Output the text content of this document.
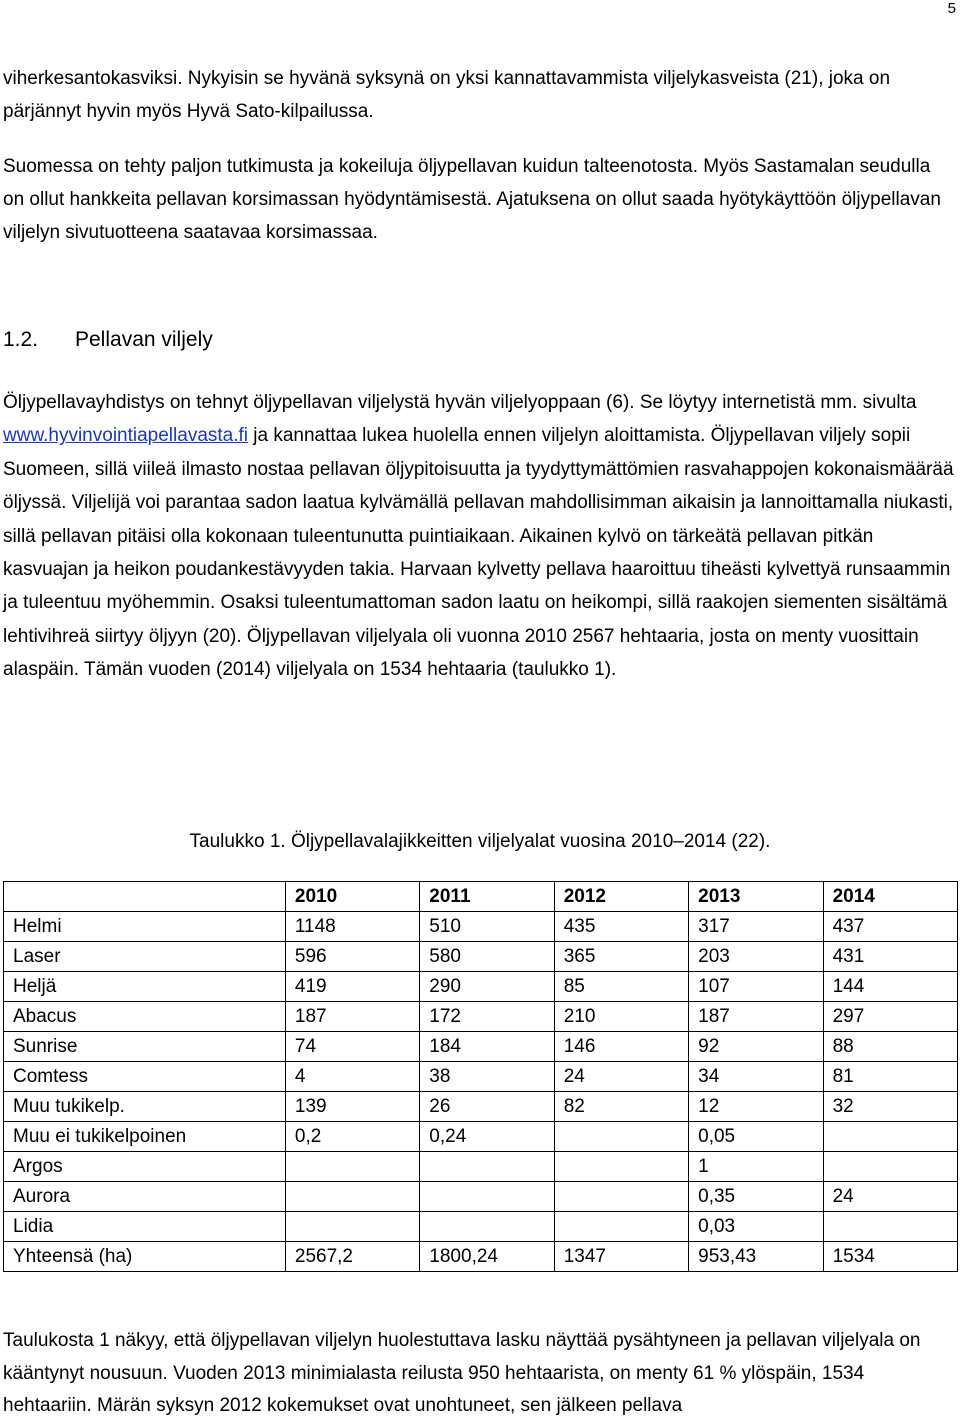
5

viherkesantokasviksi. Nykyisin se hyvänä syksynä on yksi kannattavammista viljelykasveista (21), joka on pärjännyt hyvin myös Hyvä Sato-kilpailussa.

Suomessa on tehty paljon tutkimusta ja kokeiluja öljypellavan kuidun talteenotosta. Myös Sastamalan seudulla on ollut hankkeita pellavan korsimassan hyödyntämisestä. Ajatuksena on ollut saada hyötykäyttöön öljypellavan viljelyn sivutuotteena saatavaa korsimassaa.

1.2. Pellavan viljely

Öljypellavayhdistys on tehnyt öljypellavan viljelystä hyvän viljelyoppaan (6). Se löytyy internetistä mm. sivulta www.hyvinvointiapellavasta.fi ja kannattaa lukea huolella ennen viljelyn aloittamista. Öljypellavan viljely sopii Suomeen, sillä viileä ilmasto nostaa pellavan öljypitoisuutta ja tyydyttymättömien rasvahappojen kokonaismäärää öljyssä. Viljelijä voi parantaa sadon laatua kylvämällä pellavan mahdollisimman aikaisin ja lannoittamalla niukasti, sillä pellavan pitäisi olla kokonaan tuleentunutta puintiaikaan. Aikainen kylvö on tärkeätä pellavan pitkän kasvuajan ja heikon poudankestävyyden takia. Harvaan kylvetty pellava haaroittuu tiheästi kylvettyä runsaammin ja tuleentuu myöhemmin. Osaksi tuleentumattoman sadon laatu on heikompi, sillä raakojen siementen sisältämä lehtivihreä siirtyy öljyyn (20). Öljypellavan viljelyala oli vuonna 2010 2567 hehtaaria, josta on menty vuosittain alaspäin. Tämän vuoden (2014) viljelyala on 1534 hehtaaria (taulukko 1).

Taulukko 1. Öljypellavalajikkeitten viljelyalat vuosina 2010–2014 (22).

	2010	2011	2012	2013	2014
Helmi	1148	510	435	317	437
Laser	596	580	365	203	431
Heljä	419	290	85	107	144
Abacus	187	172	210	187	297
Sunrise	74	184	146	92	88
Comtess	4	38	24	34	81
Muu tukikelp.	139	26	82	12	32
Muu ei tukikelpoinen	0,2	0,24		0,05	
Argos				1	
Aurora				0,35	24
Lidia				0,03	
Yhteensä (ha)	2567,2	1800,24	1347	953,43	1534

Taulukosta 1 näkyy, että öljypellavan viljelyn huolestuttava lasku näyttää pysähtyneen ja pellavan viljelyala on kääntynyt nousuun. Vuoden 2013 minimialasta reilusta 950 hehtaarista, on menty 61 % ylöspäin, 1534 hehtaariin. Märän syksyn 2012 kokemukset ovat unohtuneet, sen jälkeen pellava
